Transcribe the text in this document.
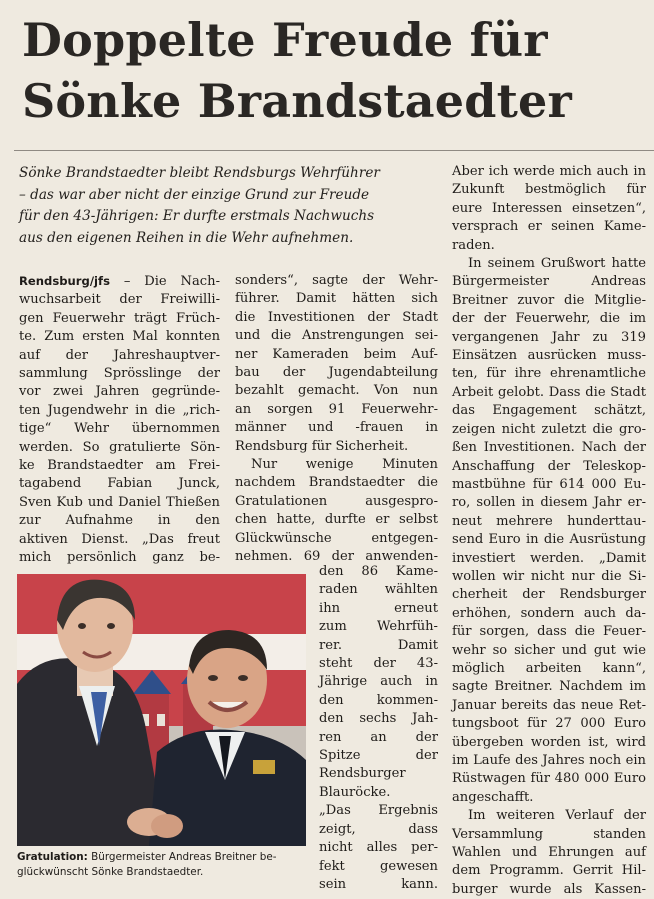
Doppelte Freude für
Sönke Brandstaedter
Sönke Brandstaedter bleibt Rendsburgs Wehrführer
– das war aber nicht der einzige Grund zur Freude
für den 43-Jährigen: Er durfte erstmals Nachwuchs
aus den eigenen Reihen in die Wehr aufnehmen.
Rendsburg/jfs – Die Nach-
wuchsarbeit der Freiwilli-
gen Feuerwehr trägt Früch-
te. Zum ersten Mal konnten
auf der Jahreshauptver-
sammlung Sprösslinge der
vor zwei Jahren gegründe-
ten Jugendwehr in die „rich-
tige“ Wehr übernommen
werden. So gratulierte Sön-
ke Brandstaedter am Frei-
tagabend Fabian Junck,
Sven Kub und Daniel Thießen
zur Aufnahme in den
aktiven Dienst. „Das freut
mich persönlich ganz be-
sonders“, sagte der Wehr-
führer. Damit hätten sich
die Investitionen der Stadt
und die Anstrengungen sei-
ner Kameraden beim Auf-
bau der Jugendabteilung
bezahlt gemacht. Von nun
an sorgen 91 Feuerwehr-
männer und -frauen in
Rendsburg für Sicherheit.
Nur wenige Minuten
nachdem Brandstaedter die
Gratulationen ausgespro-
chen hatte, durfte er selbst
Glückwünsche entgegen-
nehmen. 69 der anwenden-
den 86 Kame-
raden wählten
ihn erneut
zum Wehrfüh-
rer. Damit
steht der 43-
Jährige auch in
den kommen-
den sechs Jah-
ren an der
Spitze der
Rendsburger
Blauröcke.
„Das Ergebnis
zeigt, dass
nicht alles per-
fekt gewesen
sein kann.
Aber ich werde mich auch in
Zukunft bestmöglich für
eure Interessen einsetzen“,
versprach er seinen Kame-
raden.
In seinem Grußwort hatte
Bürgermeister Andreas
Breitner zuvor die Mitglie-
der der Feuerwehr, die im
vergangenen Jahr zu 319
Einsätzen ausrücken muss-
ten, für ihre ehrenamtliche
Arbeit gelobt. Dass die Stadt
das Engagement schätzt,
zeigen nicht zuletzt die gro-
ßen Investitionen. Nach der
Anschaffung der Teleskop-
mastbühne für 614 000 Eu-
ro, sollen in diesem Jahr er-
neut mehrere hunderttau-
send Euro in die Ausrüstung
investiert werden. „Damit
wollen wir nicht nur die Si-
cherheit der Rendsburger
erhöhen, sondern auch da-
für sorgen, dass die Feuer-
wehr so sicher und gut wie
möglich arbeiten kann“,
sagte Breitner. Nachdem im
Januar bereits das neue Ret-
tungsboot für 27 000 Euro
übergeben worden ist, wird
im Laufe des Jahres noch ein
Rüstwagen für 480 000 Euro
angeschafft.
Im weiteren Verlauf der
Versammlung standen
Wahlen und Ehrungen auf
dem Programm. Gerrit Hil-
burger wurde als Kassen-
Gratulation: Bürgermeister Andreas Breitner be-
glückwünscht Sönke Brandstaedter.
